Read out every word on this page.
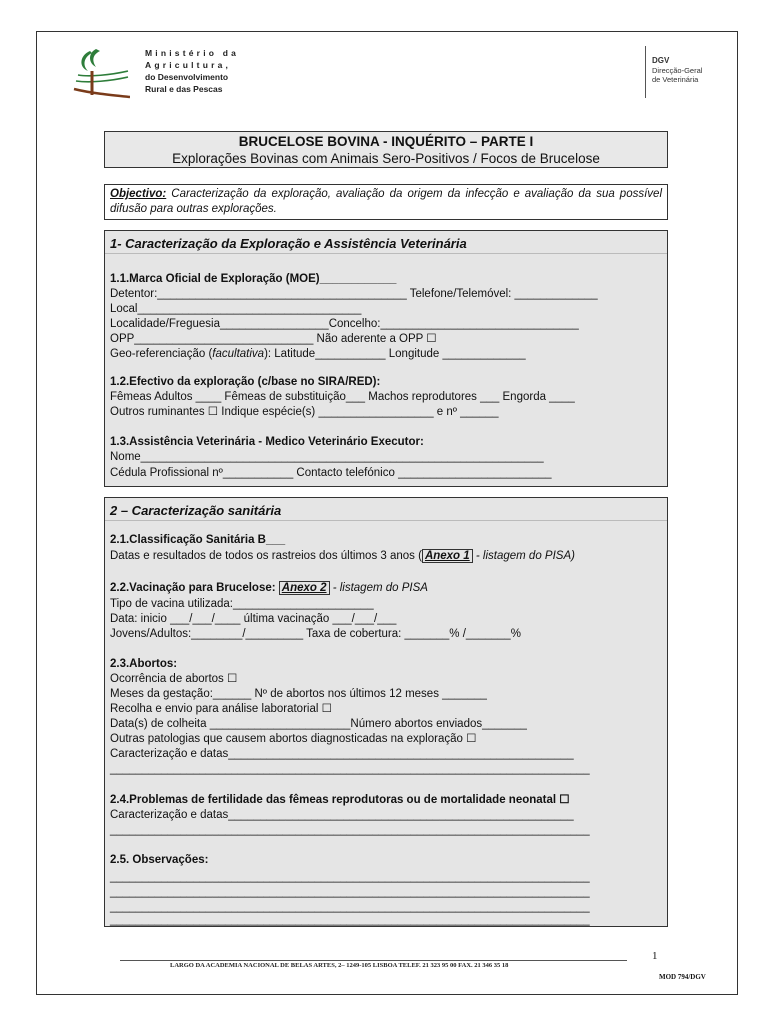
Ministério da
Agricultura,
do Desenvolvimento
Rural e das Pescas
DGV
Direcção-Geral
de Veterinária
BRUCELOSE BOVINA - INQUÉRITO – PARTE I
Explorações Bovinas com Animais Sero-Positivos / Focos de Brucelose
Objectivo: Caracterização da exploração, avaliação da origem da infecção e avaliação da sua possível difusão para outras explorações.
1- Caracterização da Exploração e Assistência Veterinária
1.1.Marca Oficial de Exploração (MOE)____________
Detentor:_______________________________________ Telefone/Telemóvel: _____________
Local___________________________________
Localidade/Freguesia_________________Concelho:_______________________________
OPP____________________________ Não aderente a OPP ☐
Geo-referenciação (facultativa): Latitude___________ Longitude _____________
1.2.Efectivo da exploração (c/base no SIRA/RED):
Fêmeas Adultos ____ Fêmeas de substituição___ Machos reprodutores ___ Engorda ____
Outros ruminantes ☐ Indique espécie(s) __________________ e nº ______
1.3.Assistência Veterinária - Medico Veterinário Executor:
Nome_______________________________________________________________
Cédula Profissional nº___________ Contacto telefónico ________________________
2 – Caracterização sanitária
2.1.Classificação Sanitária B___
Datas e resultados de todos os rastreios dos últimos 3 anos ( Anexo 1 - listagem do PISA)
2.2.Vacinação para Brucelose: Anexo 2 - listagem do PISA
Tipo de vacina utilizada:______________________
Data: inicio ___/___/____ última vacinação ___/___/___
Jovens/Adultos:________/_________ Taxa de cobertura: _______% /_______%
2.3.Abortos:
Ocorrência de abortos ☐
Meses da gestação:______ Nº de abortos nos últimos 12 meses _______
Recolha e envio para análise laboratorial ☐
Data(s) de colheita ______________________Número abortos enviados_______
Outras patologias que causem abortos diagnosticadas na exploração ☐
Caracterização e datas______________________________________________________
___________________________________________________________________________
2.4.Problemas de fertilidade das fêmeas reprodutoras ou de mortalidade neonatal ☐
Caracterização e datas______________________________________________________
___________________________________________________________________________
2.5. Observações:
___________________________________________________________________________
___________________________________________________________________________
___________________________________________________________________________
___________________________________________________________________________
1
LARGO DA ACADEMIA NACIONAL DE BELAS ARTES, 2– 1249-105 LISBOA TELEF. 21 323 95 00 FAX. 21 346 35 18
MOD 794/DGV
